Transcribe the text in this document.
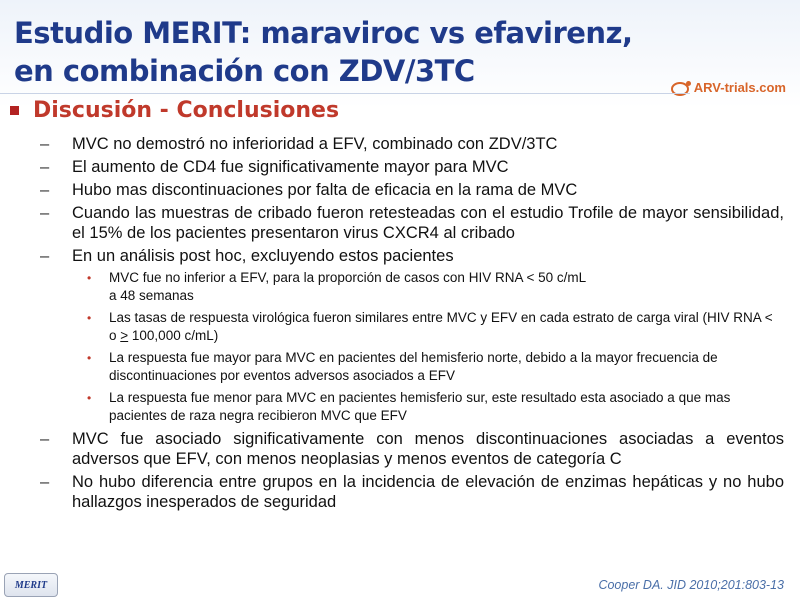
Estudio MERIT: maraviroc vs efavirenz,
en combinación con ZDV/3TC	ARV-trials.com
Discusión - Conclusiones
– MVC no demostró no inferioridad a EFV, combinado con ZDV/3TC
– El aumento de CD4 fue significativamente mayor para MVC
– Hubo mas discontinuaciones por falta de eficacia en la rama de MVC
– Cuando las muestras de cribado fueron retesteadas con el estudio Trofile de mayor sensibilidad, el 15% de los pacientes presentaron virus CXCR4 al cribado
– En un análisis post hoc, excluyendo estos pacientes
• MVC fue no inferior a EFV, para la proporción de casos con HIV RNA < 50 c/mL
a 48 semanas
• Las tasas de respuesta virológica fueron similares entre MVC y EFV en cada estrato de carga viral (HIV RNA < o > 100,000 c/mL)
• La respuesta fue mayor para MVC en pacientes del hemisferio norte, debido a la mayor frecuencia de discontinuaciones por eventos adversos asociados a EFV
• La respuesta fue menor para MVC en pacientes hemisferio sur, este resultado esta asociado a que mas pacientes de raza negra recibieron MVC que EFV
– MVC fue asociado significativamente con menos discontinuaciones asociadas a eventos adversos que EFV, con menos neoplasias y menos eventos de categoría C
– No hubo diferencia entre grupos en la incidencia de elevación de enzimas hepáticas y no hubo hallazgos inesperados de seguridad
MERIT	Cooper DA. JID 2010;201:803-13
